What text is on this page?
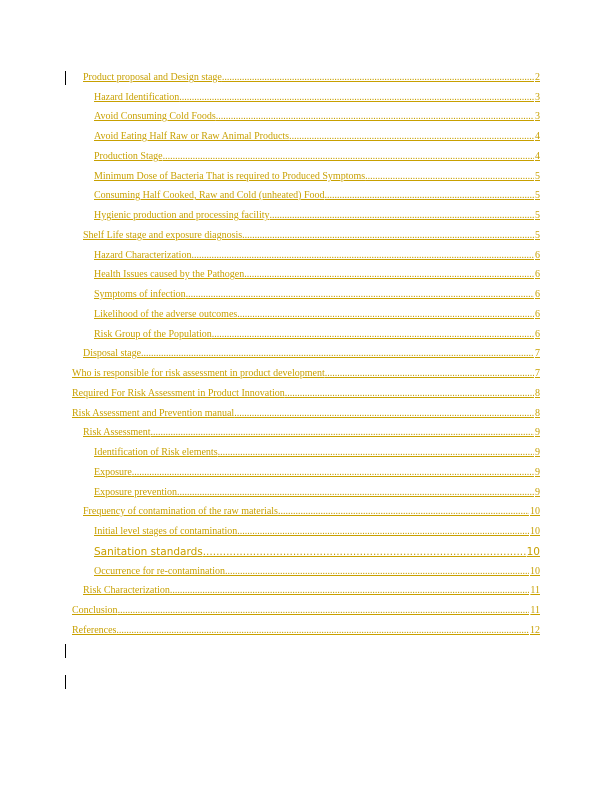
Product proposal and Design stage .....	2
Hazard Identification .....	3
Avoid Consuming Cold Foods .....	3
Avoid Eating Half Raw or Raw Animal Products .....	4
Production Stage .....	4
Minimum Dose of Bacteria That is required to Produced Symptoms .....	5
Consuming Half Cooked, Raw and Cold (unheated) Food .....	5
Hygienic production and processing facility .....	5
Shelf Life stage and exposure diagnosis .....	5
Hazard Characterization .....	6
Health Issues caused by the Pathogen .....	6
Symptoms of infection .....	6
Likelihood of the adverse outcomes .....	6
Risk Group of the Population .....	6
Disposal stage .....	7
Who is responsible for risk assessment in product development .....	7
Required For Risk Assessment in Product Innovation .....	8
Risk Assessment and Prevention manual .....	8
Risk Assessment .....	9
Identification of Risk elements .....	9
Exposure .....	9
Exposure prevention .....	9
Frequency of contamination of the raw materials .....	10
Initial level stages of contamination .....	10
Sanitation standards .....	10
Occurrence for re-contamination .....	10
Risk Characterization .....	11
Conclusion .....	11
References .....	12
